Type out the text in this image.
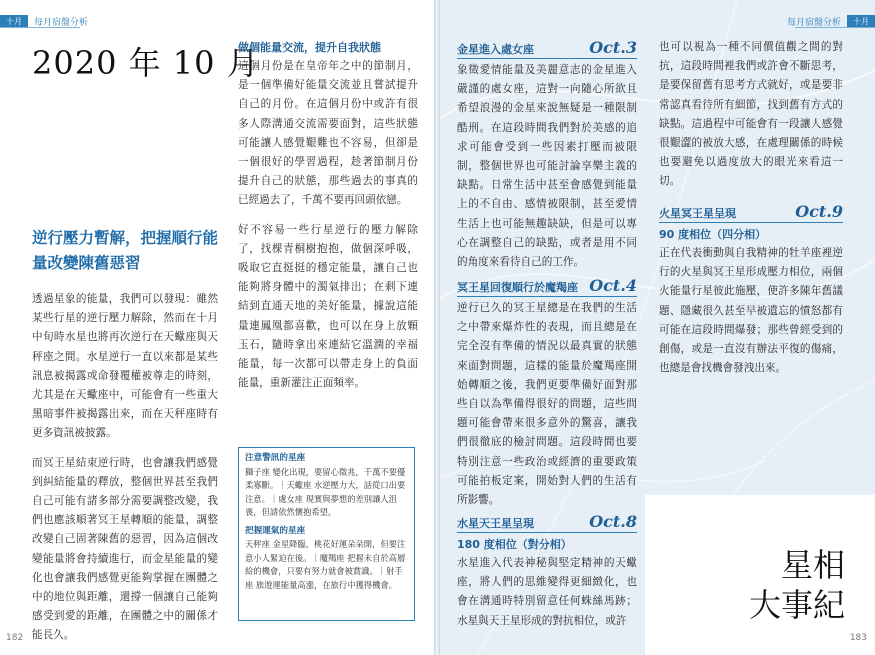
十月	每月宿盤分析
2020 年 10 月
逆行壓力暫解，把握順行能量改變陳舊惡習

透過星象的能量，我們可以發現：雖然某些行星的逆行壓力解除，然而在十月中旬時水星也將再次逆行在天蠍座與天秤座之間。水星逆行一直以來都是某些訊息被揭露或命發覆權被尊走的時刻，尤其是在天蠍座中，可能會有一些重大黑暗事件被揭露出來，而在天秤座時有更多資訊被披露。

而冥王星結束逆行時，也會讓我們感覺到糾結能量的釋放，整個世界甚至我們自己可能有諸多部分需要調整改變，我們也應該順著冥王星轉順的能量，調整改變自己固著陳舊的惡習，因為這個改變能量將會持續進行，而金星能量的變化也會讓我們感覺更能夠掌握在團體之中的地位與距離，還撐一個讓自己能夠感受到愛的距離，在團體之中的關係才能長久。

做個能量交流，提升自我狀態

這個月份是在皇帝年之中的節制月，是一個準備好能量交流並且嘗試提升自己的月份。在這個月份中或許有很多人際溝通交流需要面對，這些狀態可能讓人感覺艱難也不容易，但卻是一個很好的學習過程，趁著節制月份提升自己的狀態，那些過去的事真的已經過去了，千萬不要再回頭依戀。

好不容易一些行星逆行的壓力解除了，找棵青桐樹抱抱，做個深呼吸，吸取它直挺挺的穩定能量，讓自己也能夠將身體中的濁氣排出；在剩下連結到直通天地的美好能量，據說這能量連鳳凰都喜歡，也可以在身上放顆玉石，隨時拿出來連結它溫潤的幸福能量，每一次都可以帶走身上的負面能量，重新灌注正面頻率。

注意警訊的星座

獅子座 變化出現，要留心徵兆，千萬不要優柔寡斷。｜天蠍座 水逆壓力大，話從口出要注意。｜處女座 現實與夢想的差別讓人沮喪，但請依然懷抱希望。

把握運氣的星座

天秤座 金星降臨，桃花好運朵朵開，但要注意小人緊迫在後。｜魔羯座 把握未自於高層給的機會，只要有努力就會被賞識。｜射手座 旅遊運能量高漲，在旅行中獲得機會。

182
每月宿盤分析	十月
金星進入處女座	Oct.3
象徵愛情能量及美麗意志的金星進入嚴謹的處女座，這對一向隨心所欲且希望浪漫的金星來說無疑是一種限制酷刑。在這段時間我們對於美感的追求可能會受到一些因素打壓而被限制，整個世界也可能討論享樂主義的缺點。日常生活中甚至會感覺到能量上的不自由、感情被限制，甚至愛情生活上也可能無趣缺缺，但是可以專心在調整自己的缺點，或者是用不同的角度來看待自己的工作。
冥王星回復順行於魔羯座 Oct.4
逆行已久的冥王星總是在我們的生活之中帶來爆炸性的表現，而且總是在完全沒有準備的情況以最真實的狀態來面對問題，這樣的能量於魔羯座開始轉順之後，我們更要準備好面對那些自以為準備得很好的問題，這些問題可能會帶來很多意外的驚喜，讓我們很徹底的檢討問題。這段時間也要特別注意一些政治或經濟的重要政策可能拍板定案，開始對人們的生活有所影響。
水星天王星呈現	Oct.8
180 度相位（對分相）
水星進入代表神秘與堅定精神的天蠍座，將人們的思維變得更細緻化，也會在溝通時特別留意任何蛛絲馬跡；水星與天王星形成的對抗相位，或許
也可以視為一種不同價值觀之間的對抗，這段時間裡我們或許會不斷思考，是要保留舊有思考方式就好，或是要非常認真看待所有細節，找到舊有方式的缺點。這過程中可能會有一段讓人感覺很艱澀的被放大感，在處理關係的時候也要避免以過度放大的眼光來看這一切。
火星冥王星呈現	Oct.9
90 度相位（四分相）
正在代表衝動與自我精神的牡羊座裡逆行的火星與冥王星形成壓力相位，兩個火能量行星彼此施壓，使許多陳年舊議題、隱藏很久甚至早被遺忘的憤怒都有可能在這段時間爆發；那些曾經受到的創傷，或是一直沒有辦法平復的傷痛，也總是會找機會發洩出來。
星相
大事紀
183
